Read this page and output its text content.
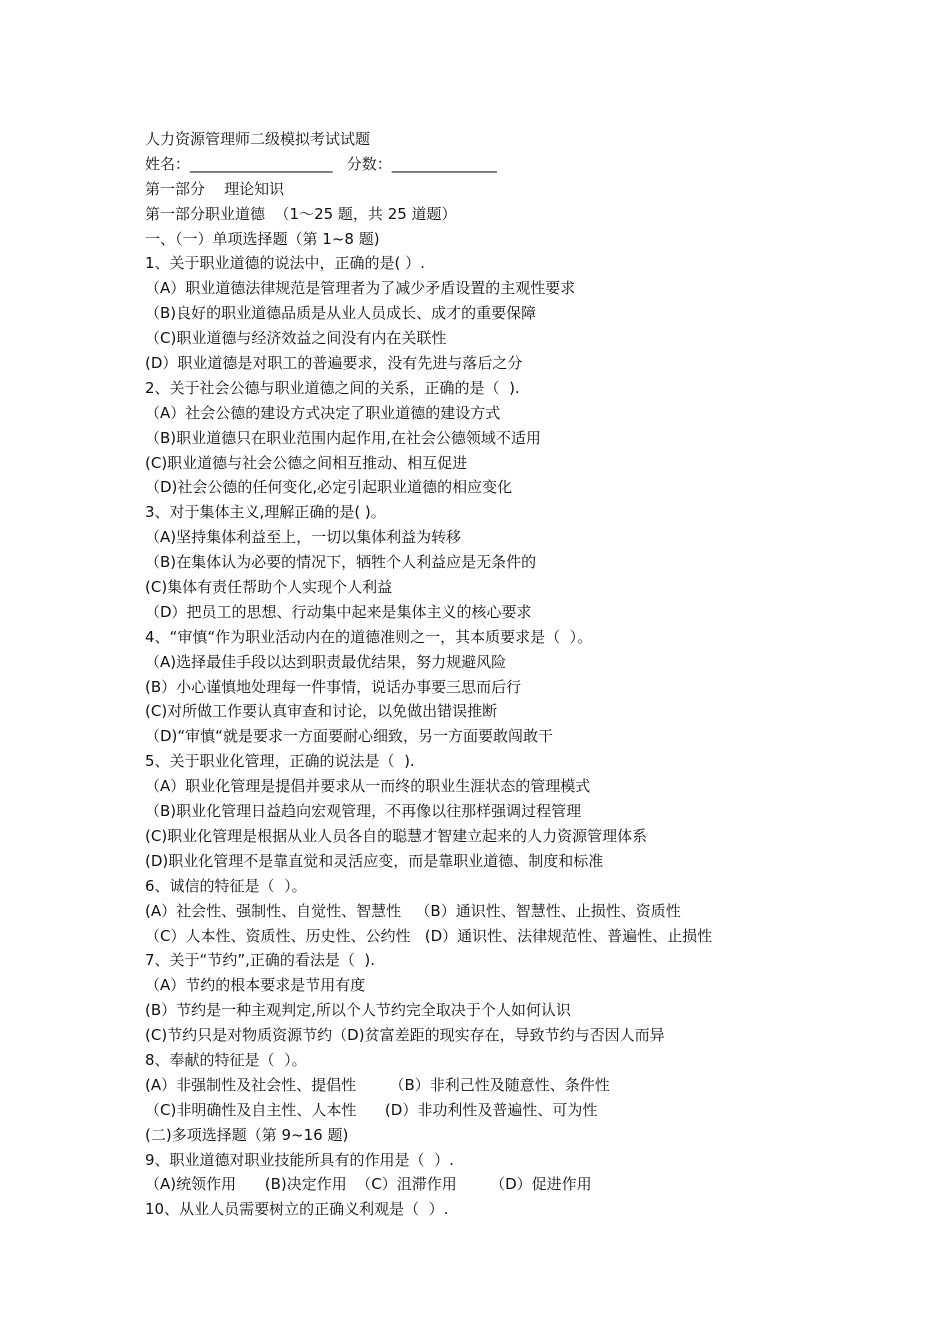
人力资源管理师二级模拟考试试题
姓名：___________________   分数：______________
第一部分    理论知识
第一部分职业道德  （1～25 题，共 25 道题）
一、（一）单项选择题（第 1~8 题)
1、关于职业道德的说法中，正确的是( ）.
（A）职业道德法律规范是管理者为了减少矛盾设置的主观性要求
（B)良好的职业道德品质是从业人员成长、成才的重要保障
（C)职业道德与经济效益之间没有内在关联性
(D）职业道德是对职工的普遍要求，没有先进与落后之分
2、关于社会公德与职业道德之间的关系，正确的是（  ).
（A）社会公德的建设方式决定了职业道德的建设方式
（B)职业道德只在职业范围内起作用,在社会公德领域不适用
(C)职业道德与社会公德之间相互推动、相互促进
（D)社会公德的任何变化,必定引起职业道德的相应变化
3、对于集体主义,理解正确的是( )。
（A)坚持集体利益至上，一切以集体利益为转移
（B)在集体认为必要的情况下，牺牲个人利益应是无条件的
(C)集体有责任帮助个人实现个人利益
（D）把员工的思想、行动集中起来是集体主义的核心要求
4、“审慎“作为职业活动内在的道德准则之一，其本质要求是（  ）。
（A)选择最佳手段以达到职责最优结果，努力规避风险
(B）小心谨慎地处理每一件事情，说话办事要三思而后行
(C)对所做工作要认真审查和讨论，以免做出错误推断
（D)“审慎“就是要求一方面要耐心细致，另一方面要敢闯敢干
5、关于职业化管理，正确的说法是（  ).
（A）职业化管理是提倡并要求从一而终的职业生涯状态的管理模式
（B)职业化管理日益趋向宏观管理，不再像以往那样强调过程管理
(C)职业化管理是根据从业人员各自的聪慧才智建立起来的人力资源管理体系
(D)职业化管理不是靠直觉和灵活应变，而是靠职业道德、制度和标准
6、诚信的特征是（  ）。
(A）社会性、强制性、自觉性、智慧性   （B）通识性、智慧性、止损性、资质性
（C）人本性、资质性、历史性、公约性   (D）通识性、法律规范性、普遍性、止损性
7、关于“节约”,正确的看法是（  ).
（A）节约的根本要求是节用有度
(B）节约是一种主观判定,所以个人节约完全取决于个人如何认识
(C)节约只是对物质资源节约（D)贫富差距的现实存在，导致节约与否因人而异
8、奉献的特征是（  ）。
(A）非强制性及社会性、提倡性       （B）非利己性及随意性、条件性
（C)非明确性及自主性、人本性      (D）非功利性及普遍性、可为性
(二)多项选择题（第 9~16 题)
9、职业道德对职业技能所具有的作用是（  ）.
（A)统领作用      (B)决定作用  （C）沮滞作用       （D）促进作用
10、从业人员需要树立的正确义利观是（  ）.
